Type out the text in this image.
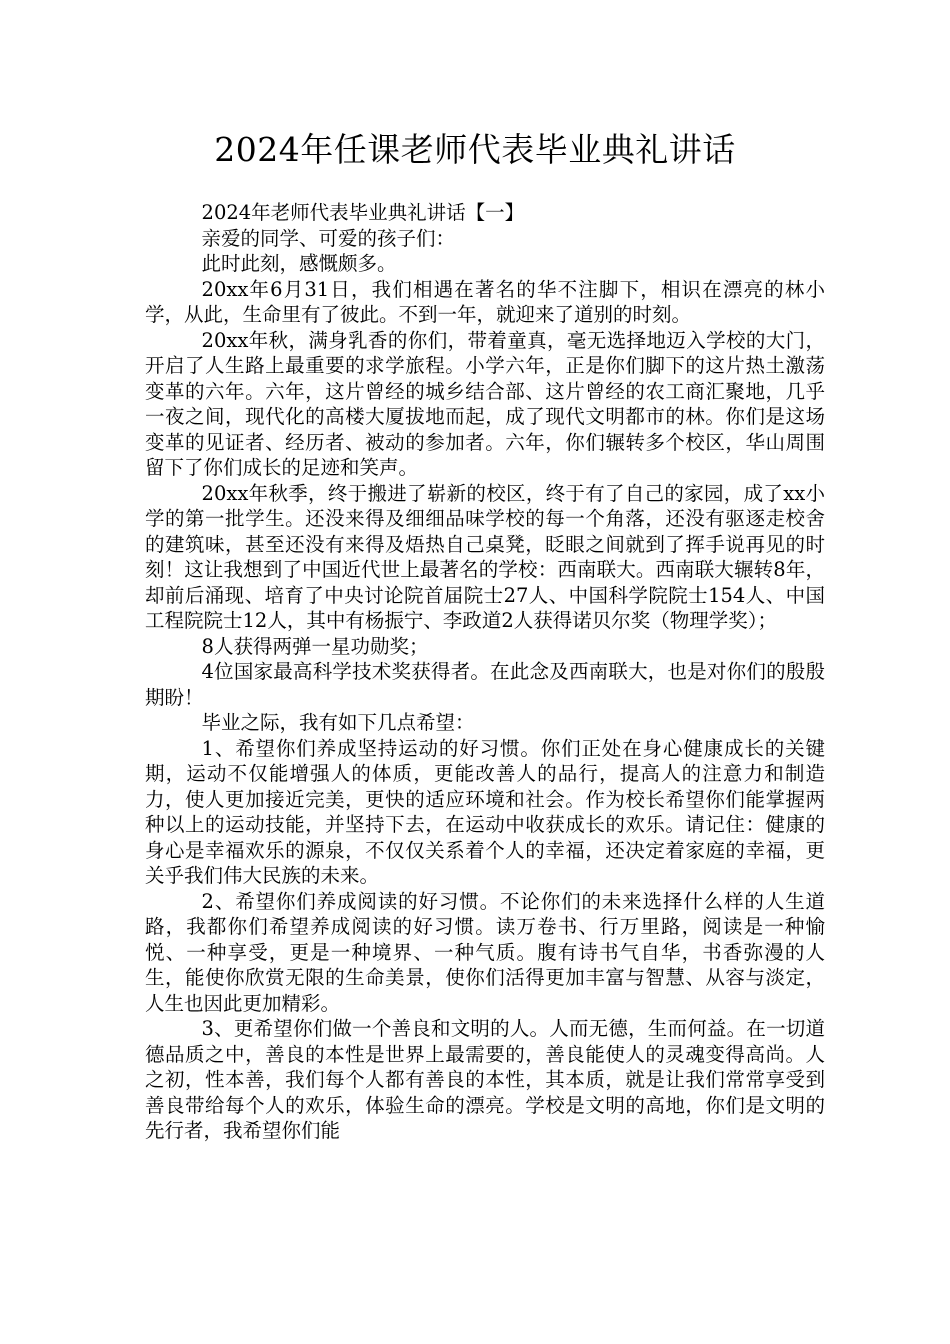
2024年任课老师代表毕业典礼讲话

2024年老师代表毕业典礼讲话【一】

亲爱的同学、可爱的孩子们：

此时此刻，感慨颇多。

20xx年6月31日，我们相遇在著名的华不注脚下，相识在漂亮的林小学，从此，生命里有了彼此。不到一年，就迎来了道别的时刻。

20xx年秋，满身乳香的你们，带着童真，毫无选择地迈入学校的大门，开启了人生路上最重要的求学旅程。小学六年，正是你们脚下的这片热土激荡变革的六年。六年，这片曾经的城乡结合部、这片曾经的农工商汇聚地，几乎一夜之间，现代化的高楼大厦拔地而起，成了现代文明都市的林。你们是这场变革的见证者、经历者、被动的参加者。六年，你们辗转多个校区，华山周围留下了你们成长的足迹和笑声。

20xx年秋季，终于搬进了崭新的校区，终于有了自己的家园，成了xx小学的第一批学生。还没来得及细细品味学校的每一个角落，还没有驱逐走校舍的建筑味，甚至还没有来得及焐热自己桌凳，眨眼之间就到了挥手说再见的时刻！这让我想到了中国近代世上最著名的学校：西南联大。西南联大辗转8年，却前后涌现、培育了中央讨论院首届院士27人、中国科学院院士154人、中国工程院院士12人，其中有杨振宁、李政道2人获得诺贝尔奖（物理学奖）；

8人获得两弹一星功勋奖；

4位国家最高科学技术奖获得者。在此念及西南联大，也是对你们的殷殷期盼！

毕业之际，我有如下几点希望：

1、希望你们养成坚持运动的好习惯。你们正处在身心健康成长的关键期，运动不仅能增强人的体质，更能改善人的品行，提高人的注意力和制造力，使人更加接近完美，更快的适应环境和社会。作为校长希望你们能掌握两种以上的运动技能，并坚持下去，在运动中收获成长的欢乐。请记住：健康的身心是幸福欢乐的源泉，不仅仅关系着个人的幸福，还决定着家庭的幸福，更关乎我们伟大民族的未来。

2、希望你们养成阅读的好习惯。不论你们的未来选择什么样的人生道路，我都你们希望养成阅读的好习惯。读万卷书、行万里路，阅读是一种愉悦、一种享受，更是一种境界、一种气质。腹有诗书气自华，书香弥漫的人生，能使你欣赏无限的生命美景，使你们活得更加丰富与智慧、从容与淡定，人生也因此更加精彩。

3、更希望你们做一个善良和文明的人。人而无德，生而何益。在一切道德品质之中，善良的本性是世界上最需要的，善良能使人的灵魂变得高尚。人之初，性本善，我们每个人都有善良的本性，其本质，就是让我们常常享受到善良带给每个人的欢乐，体验生命的漂亮。学校是文明的高地，你们是文明的先行者，我希望你们能
